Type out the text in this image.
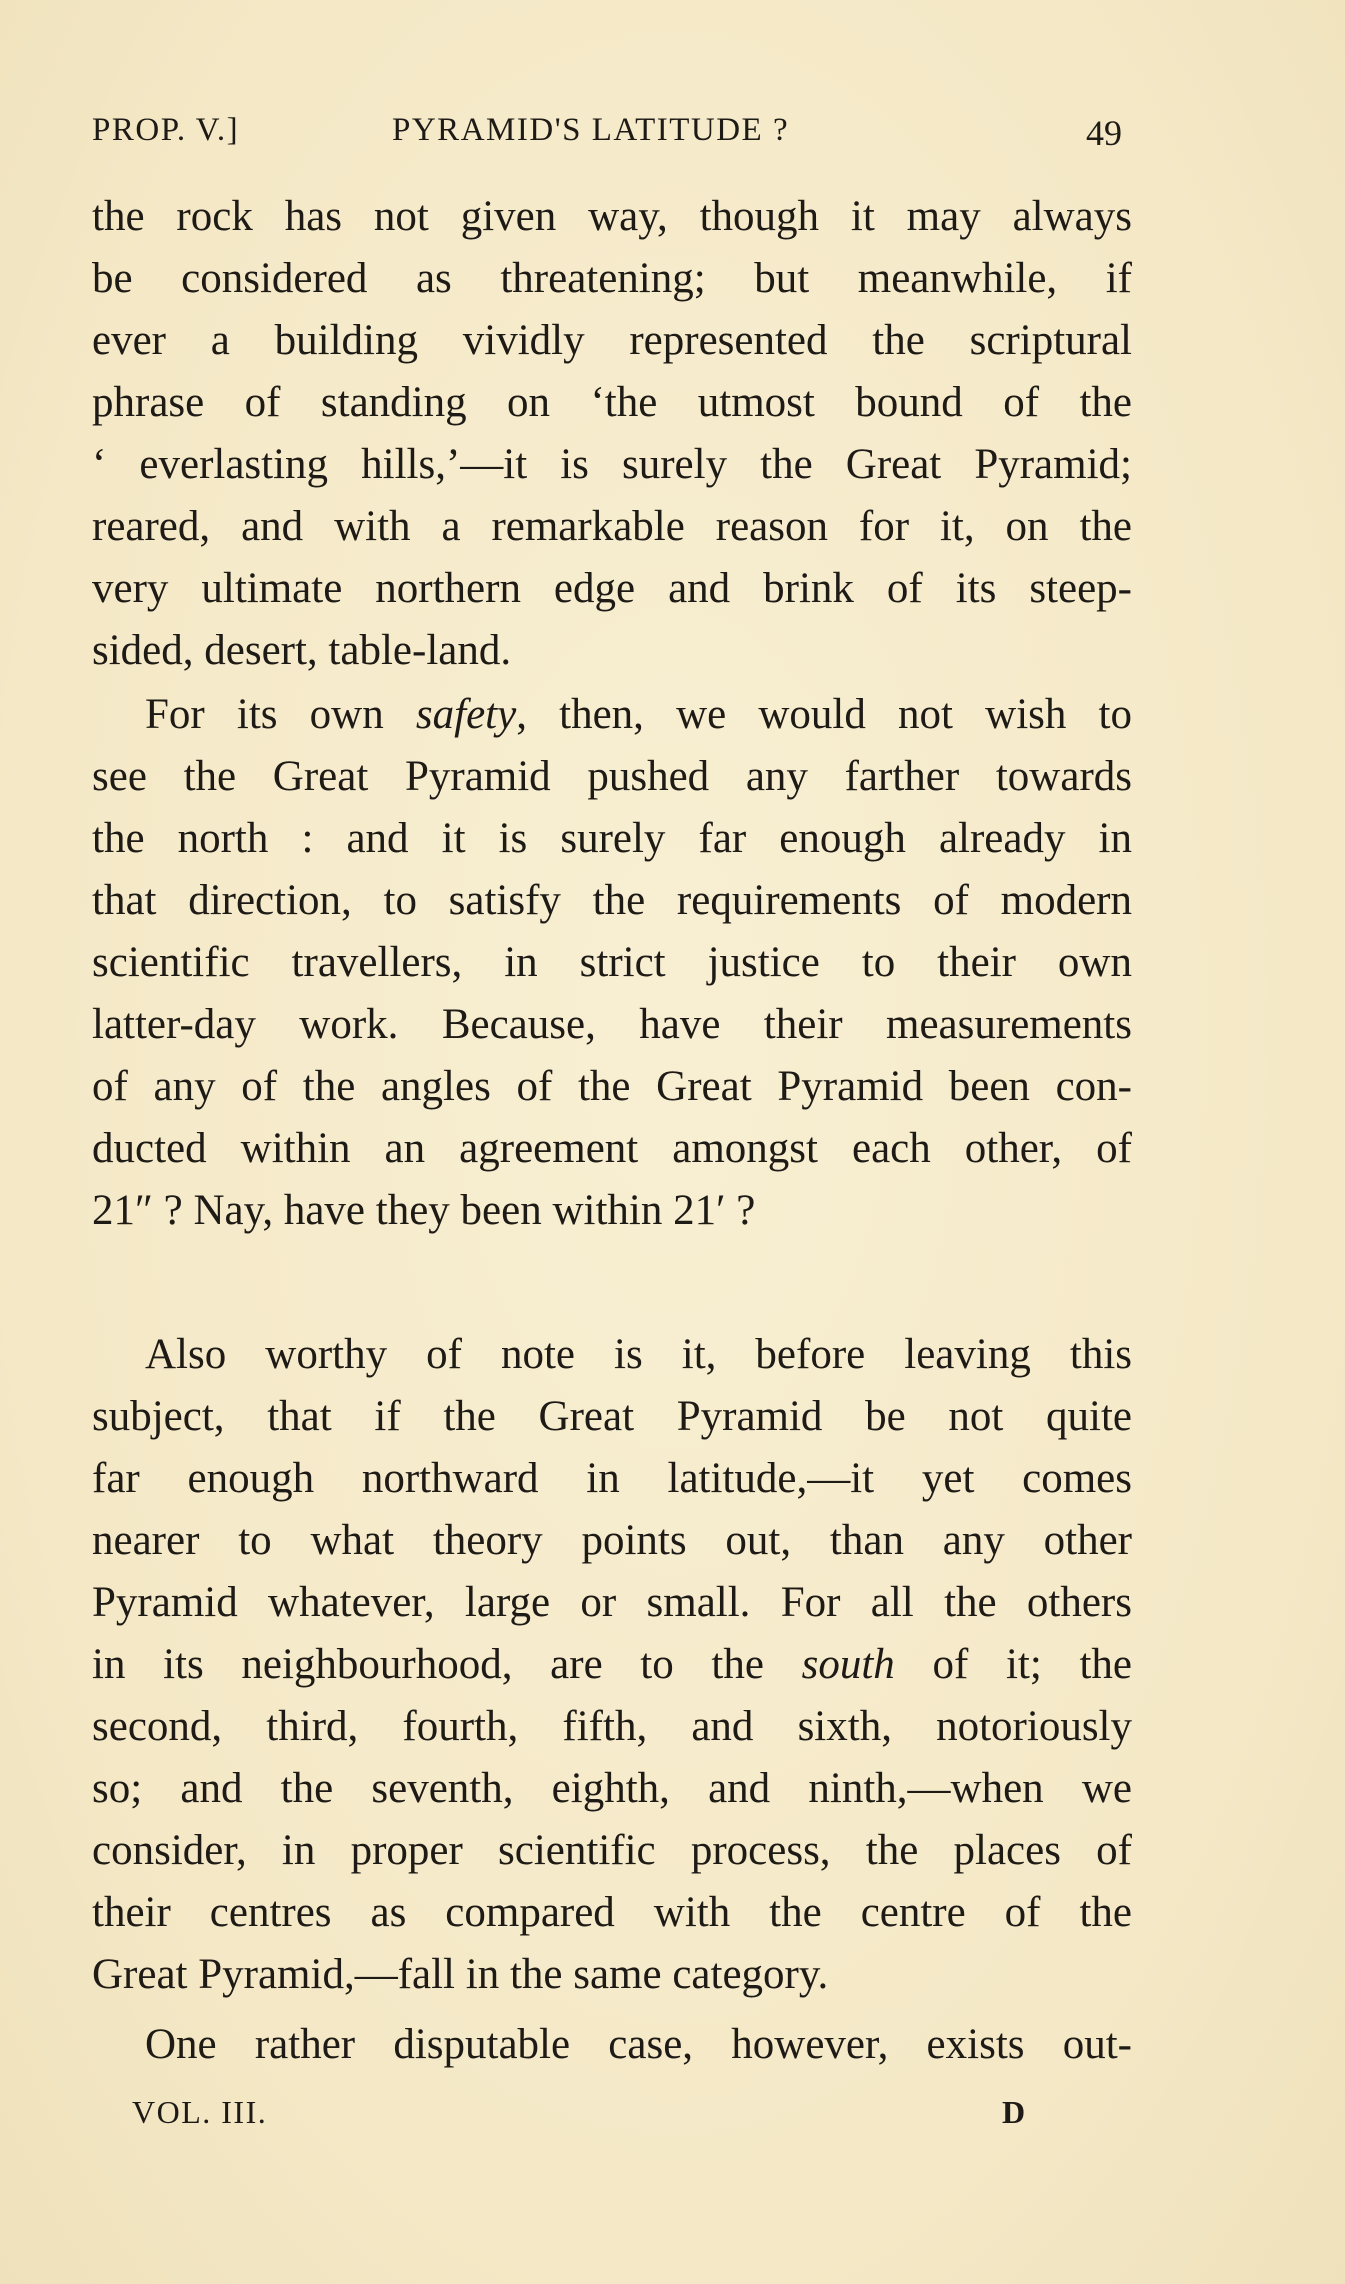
PROP. V.]	PYRAMID'S LATITUDE ?	49
the rock has not given way, though it may always
be considered as threatening; but meanwhile, if
ever a building vividly represented the scriptural
phrase of standing on ‘the utmost bound of the
‘ everlasting hills,’—it is surely the Great Pyramid;
reared, and with a remarkable reason for it, on the
very ultimate northern edge and brink of its steep-
sided, desert, table-land.
For its own safety, then, we would not wish to
see the Great Pyramid pushed any farther towards
the north : and it is surely far enough already in
that direction, to satisfy the requirements of modern
scientific travellers, in strict justice to their own
latter-day work. Because, have their measurements
of any of the angles of the Great Pyramid been con-
ducted within an agreement amongst each other, of
21″ ? Nay, have they been within 21′ ?
Also worthy of note is it, before leaving this
subject, that if the Great Pyramid be not quite
far enough northward in latitude,—it yet comes
nearer to what theory points out, than any other
Pyramid whatever, large or small. For all the others
in its neighbourhood, are to the south of it; the
second, third, fourth, fifth, and sixth, notoriously
so; and the seventh, eighth, and ninth,—when we
consider, in proper scientific process, the places of
their centres as compared with the centre of the
Great Pyramid,—fall in the same category.
One rather disputable case, however, exists out-
VOL. III.	D
